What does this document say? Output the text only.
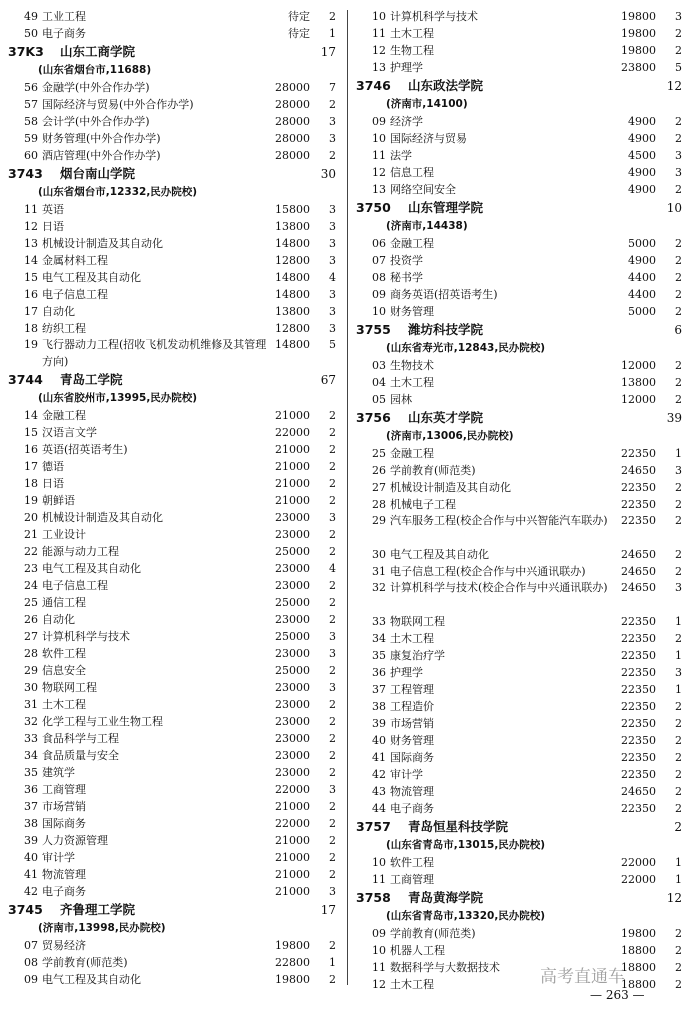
49 工业工程	待定	2
50 电子商务	待定	1
37K3 山东工商学院	17
(山东省烟台市,11688)
56 金融学(中外合作办学)	28000	7
57 国际经济与贸易(中外合作办学)	28000	2
58 会计学(中外合作办学)	28000	3
59 财务管理(中外合作办学)	28000	3
60 酒店管理(中外合作办学)	28000	2
3743 烟台南山学院	30
(山东省烟台市,12332,民办院校)
11 英语	15800	3
12 日语	13800	3
13 机械设计制造及其自动化	14800	3
14 金属材料工程	12800	3
15 电气工程及其自动化	14800	4
16 电子信息工程	14800	3
17 自动化	13800	3
18 纺织工程	12800	3
19 飞行器动力工程(招收飞机发动机维修及其管理方向)
14800	5
3744 青岛工学院	67
(山东省胶州市,13995,民办院校)
14 金融工程	21000	2
15 汉语言文学	22000	2
16 英语(招英语考生)	21000	2
17 德语	21000	2
18 日语	21000	2
19 朝鲜语	21000	2
20 机械设计制造及其自动化	23000	3
21 工业设计	23000	2
22 能源与动力工程	25000	2
23 电气工程及其自动化	23000	4
24 电子信息工程	23000	2
25 通信工程	25000	2
26 自动化	23000	2
27 计算机科学与技术	25000	3
28 软件工程	23000	3
29 信息安全	25000	2
30 物联网工程	23000	3
31 土木工程	23000	2
32 化学工程与工业生物工程	23000	2
33 食品科学与工程	23000	2
34 食品质量与安全	23000	2
35 建筑学	23000	2
36 工商管理	22000	3
37 市场营销	21000	2
38 国际商务	22000	2
39 人力资源管理	21000	2
40 审计学	21000	2
41 物流管理	21000	2
42 电子商务	21000	3
3745 齐鲁理工学院	17
(济南市,13998,民办院校)
07 贸易经济	19800	2
08 学前教育(师范类)	22800	1
09 电气工程及其自动化	19800	2
10 计算机科学与技术	19800	3
11 土木工程	19800	2
12 生物工程	19800	2
13 护理学	23800	5
3746 山东政法学院	12
(济南市,14100)
09 经济学	4900	2
10 国际经济与贸易	4900	2
11 法学	4500	3
12 信息工程	4900	3
13 网络空间安全	4900	2
3750 山东管理学院	10
(济南市,14438)
06 金融工程	5000	2
07 投资学	4900	2
08 秘书学	4400	2
09 商务英语(招英语考生)	4400	2
10 财务管理	5000	2
3755 潍坊科技学院	6
(山东省寿光市,12843,民办院校)
03 生物技术	12000	2
04 土木工程	13800	2
05 园林	12000	2
3756 山东英才学院	39
(济南市,13006,民办院校)
25 金融工程	22350	1
26 学前教育(师范类)	24650	3
27 机械设计制造及其自动化	22350	2
28 机械电子工程	22350	2
29 汽车服务工程(校企合作与中兴智能汽车联办)	22350	2
30 电气工程及其自动化	24650	2
31 电子信息工程(校企合作与中兴通讯联办)	24650	2
32 计算机科学与技术(校企合作与中兴通讯联办)	24650	3
33 物联网工程	22350	1
34 土木工程	22350	2
35 康复治疗学	22350	1
36 护理学	22350	3
37 工程管理	22350	1
38 工程造价	22350	2
39 市场营销	22350	2
40 财务管理	22350	2
41 国际商务	22350	2
42 审计学	22350	2
43 物流管理	24650	2
44 电子商务	22350	2
3757 青岛恒星科技学院	2
(山东省青岛市,13015,民办院校)
10 软件工程	22000	1
11 工商管理	22000	1
3758 青岛黄海学院	12
(山东省青岛市,13320,民办院校)
09 学前教育(师范类)	19800	2
10 机器人工程	18800	2
11 数据科学与大数据技术	18800	2
12 土木工程	18800	2
高考直通车
— 263 —
